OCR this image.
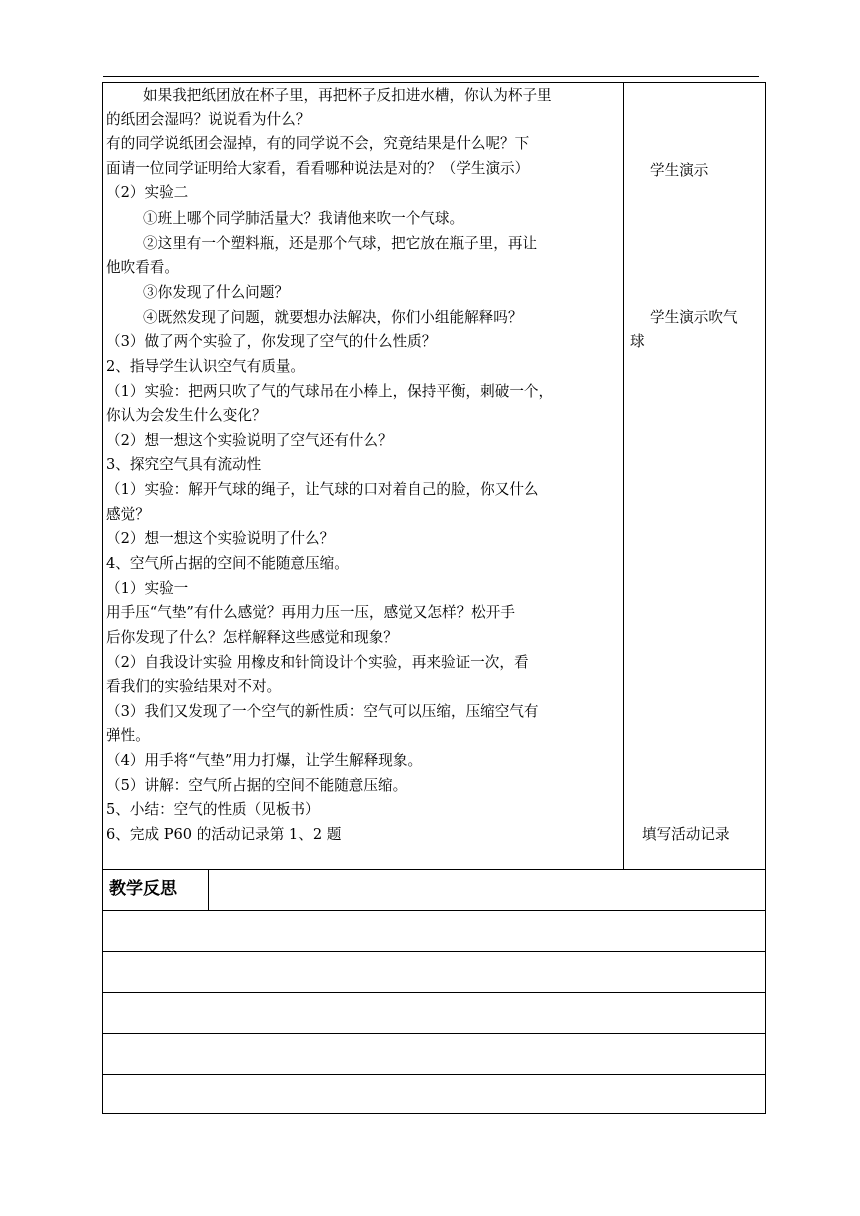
如果我把纸团放在杯子里，再把杯子反扣进水槽，你认为杯子里
的纸团会湿吗？说说看为什么？
有的同学说纸团会湿掉，有的同学说不会，究竟结果是什么呢？下
面请一位同学证明给大家看，看看哪种说法是对的？（学生演示）
（2）实验二
①班上哪个同学肺活量大？我请他来吹一个气球。
②这里有一个塑料瓶，还是那个气球，把它放在瓶子里，再让
他吹看看。
③你发现了什么问题？
④既然发现了问题，就要想办法解决，你们小组能解释吗？
（3）做了两个实验了，你发现了空气的什么性质？
2、指导学生认识空气有质量。
（1）实验：把两只吹了气的气球吊在小棒上，保持平衡，刺破一个，
你认为会发生什么变化？
（2）想一想这个实验说明了空气还有什么？
3、探究空气具有流动性
（1）实验：解开气球的绳子，让气球的口对着自己的脸，你又什么
感觉？
（2）想一想这个实验说明了什么？
4、空气所占据的空间不能随意压缩。
（1）实验一
用手压“气垫”有什么感觉？再用力压一压，感觉又怎样？松开手
后你发现了什么？怎样解释这些感觉和现象？
（2）自我设计实验 用橡皮和针筒设计个实验，再来验证一次，看
看我们的实验结果对不对。
（3）我们又发现了一个空气的新性质：空气可以压缩，压缩空气有
弹性。
（4）用手将“气垫”用力打爆，让学生解释现象。
（5）讲解：空气所占据的空间不能随意压缩。
5、小结：空气的性质（见板书）
6、完成 P60 的活动记录第 1、2 题
学生演示
学生演示吹气
球
填写活动记录
教学反思
